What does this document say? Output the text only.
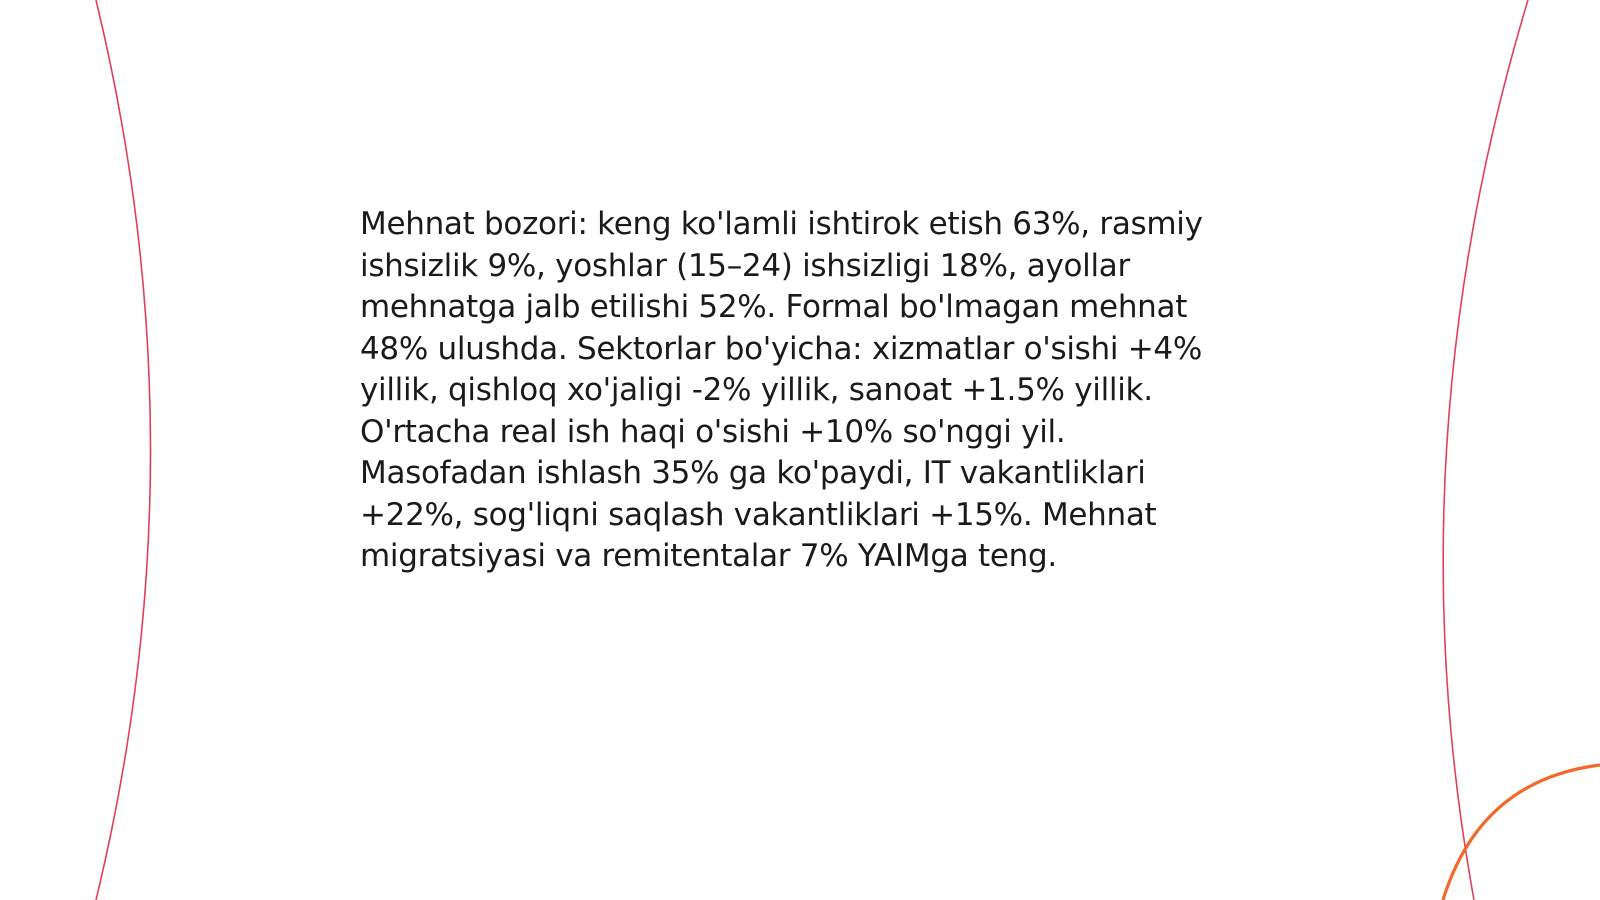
Mehnat bozori: keng ko'lamli ishtirok etish 63%, rasmiy ishsizlik 9%, yoshlar (15–24) ishsizligi 18%, ayollar mehnatga jalb etilishi 52%. Formal bo'lmagan mehnat 48% ulushda. Sektorlar bo'yicha: xizmatlar o'sishi +4% yillik, qishloq xo'jaligi -2% yillik, sanoat +1.5% yillik. O'rtacha real ish haqi o'sishi +10% so'nggi yil. Masofadan ishlash 35% ga ko'paydi, IT vakantliklari +22%, sog'liqni saqlash vakantliklari +15%. Mehnat migratsiyasi va remitentalar 7% YAIMga teng.
